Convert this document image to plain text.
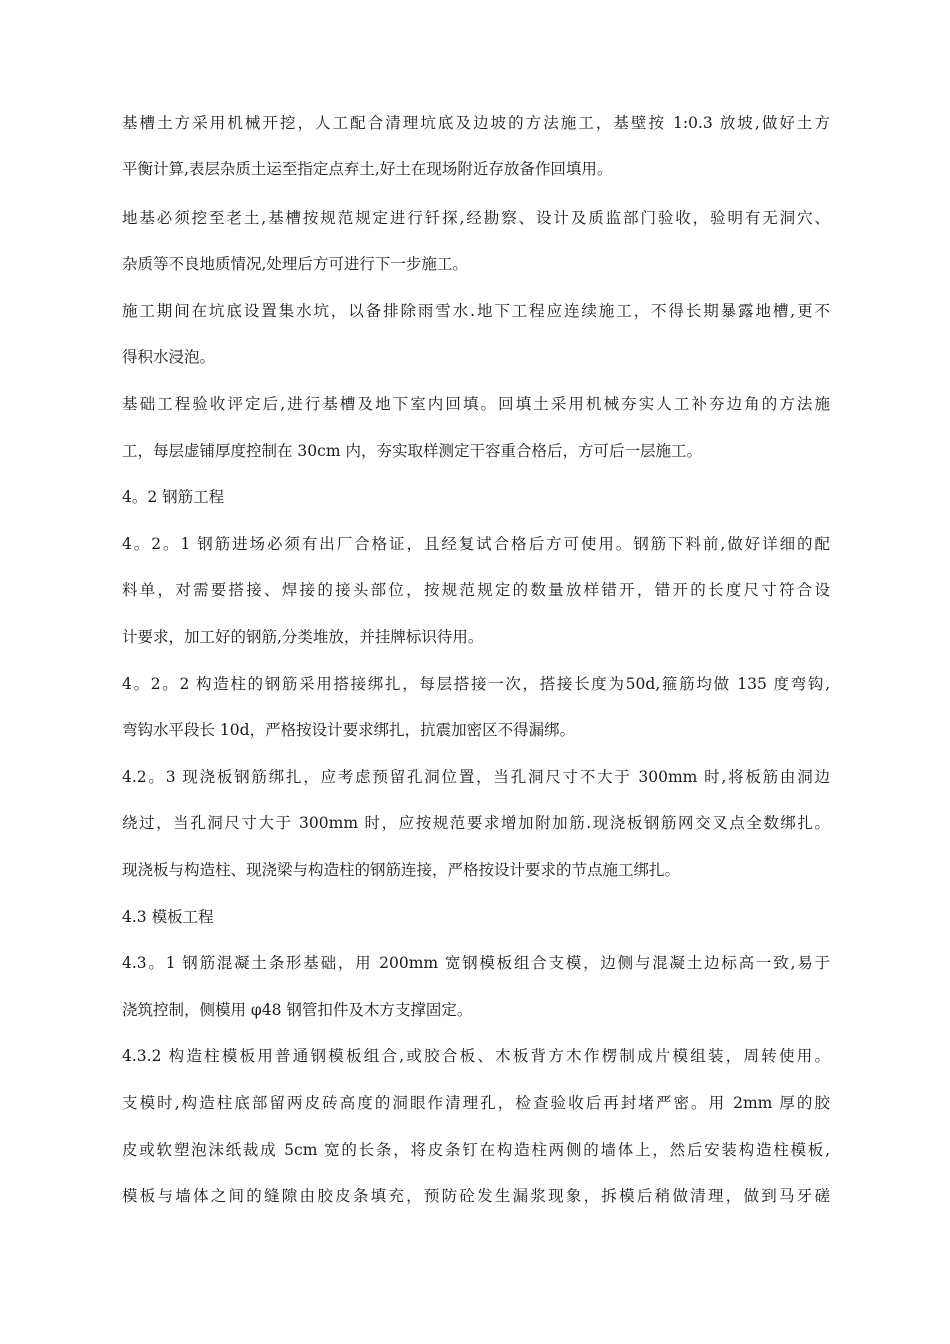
基槽土方采用机械开挖，人工配合清理坑底及边坡的方法施工，基壁按 1:0.3 放坡,做好土方
平衡计算,表层杂质土运至指定点弃土,好土在现场附近存放备作回填用。
地基必须挖至老土,基槽按规范规定进行钎探,经勘察、设计及质监部门验收，验明有无洞穴、
杂质等不良地质情况,处理后方可进行下一步施工。
施工期间在坑底设置集水坑，以备排除雨雪水.地下工程应连续施工，不得长期暴露地槽,更不
得积水浸泡。
基础工程验收评定后,进行基槽及地下室内回填。回填土采用机械夯实人工补夯边角的方法施
工，每层虚铺厚度控制在 30cm 内，夯实取样测定干容重合格后，方可后一层施工。
4。2 钢筋工程
4。2。1 钢筋进场必须有出厂合格证，且经复试合格后方可使用。钢筋下料前,做好详细的配
料单，对需要搭接、焊接的接头部位，按规范规定的数量放样错开，错开的长度尺寸符合设
计要求，加工好的钢筋,分类堆放，并挂牌标识待用。
4。2。2 构造柱的钢筋采用搭接绑扎，每层搭接一次，搭接长度为50d,箍筋均做 135 度弯钩,
弯钩水平段长 10d，严格按设计要求绑扎，抗震加密区不得漏绑。
4.2。3 现浇板钢筋绑扎，应考虑预留孔洞位置，当孔洞尺寸不大于 300mm 时,将板筋由洞边
绕过，当孔洞尺寸大于 300mm 时，应按规范要求增加附加筋.现浇板钢筋网交叉点全数绑扎。
现浇板与构造柱、现浇梁与构造柱的钢筋连接，严格按设计要求的节点施工绑扎。
4.3 模板工程
4.3。1 钢筋混凝土条形基础，用 200mm 宽钢模板组合支模，边侧与混凝土边标高一致,易于
浇筑控制，侧模用 φ48 钢管扣件及木方支撑固定。
4.3.2 构造柱模板用普通钢模板组合,或胶合板、木板背方木作楞制成片模组装，周转使用。
支模时,构造柱底部留两皮砖高度的洞眼作清理孔，检查验收后再封堵严密。用 2mm 厚的胶
皮或软塑泡沫纸裁成 5cm 宽的长条，将皮条钉在构造柱两侧的墙体上，然后安装构造柱模板,
模板与墙体之间的缝隙由胶皮条填充，预防砼发生漏浆现象，拆模后稍做清理，做到马牙磋
